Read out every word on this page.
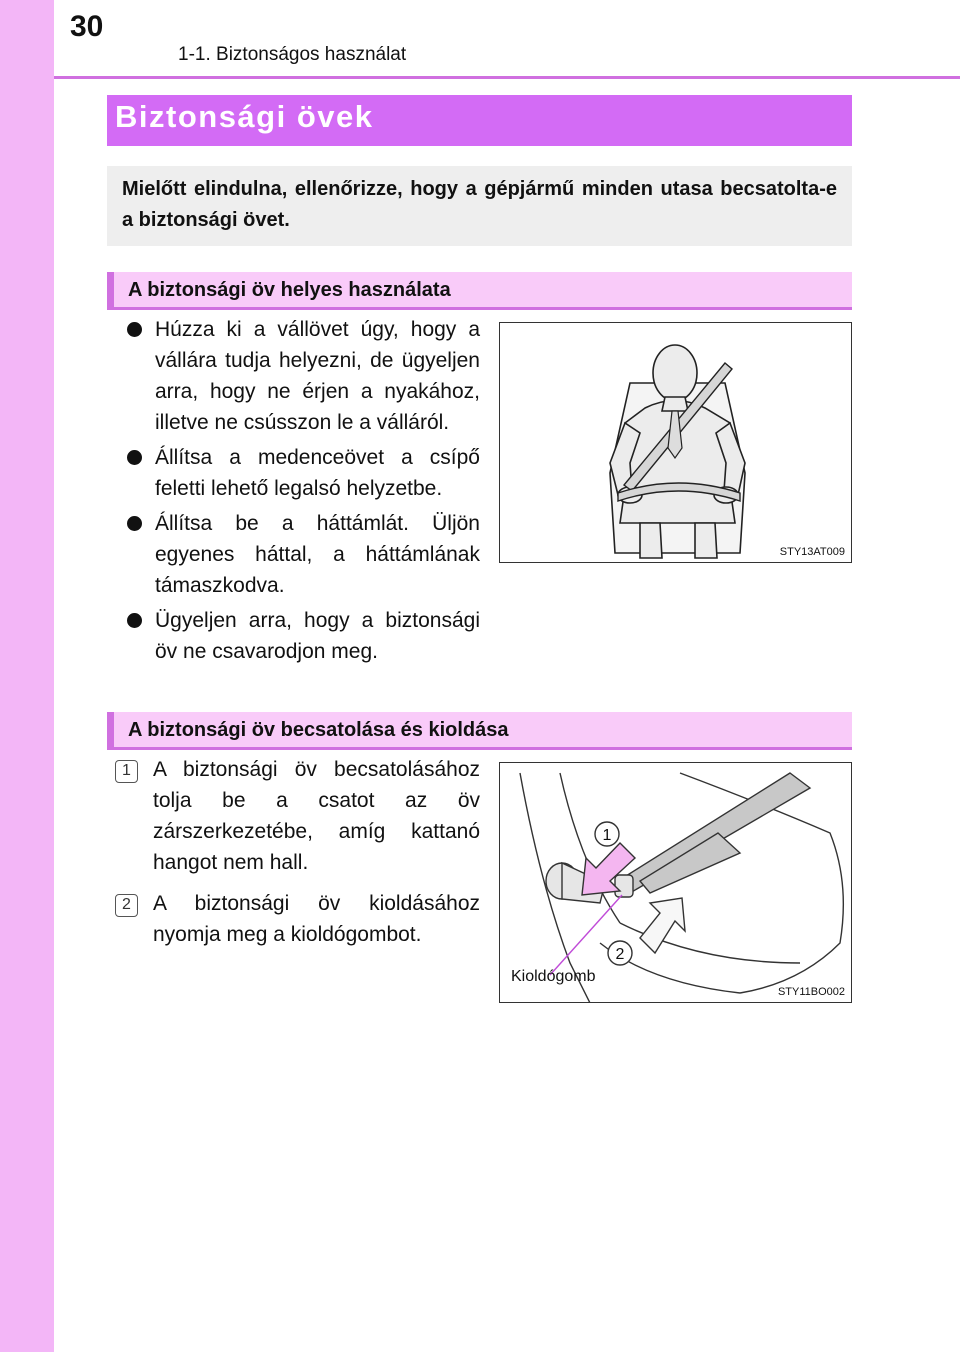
30
1-1. Biztonságos használat
Biztonsági övek

Mielőtt elindulna, ellenőrizze, hogy a gépjármű minden utasa becsatolta-e a biztonsági övet.

A biztonsági öv helyes használata
Húzza ki a vállövet úgy, hogy a vállára tudja helyezni, de ügyeljen arra, hogy ne érjen a nyakához, illetve ne csússzon le a válláról.
Állítsa a medenceövet a csípő feletti lehető legalsó helyzetbe.
Állítsa be a háttámlát. Üljön egyenes háttal, a háttámlának támaszkodva.
Ügyeljen arra, hogy a biztonsági öv ne csavarodjon meg.
STY13AT009
A biztonsági öv becsatolása és kioldása
1	A biztonsági öv becsatolásához tolja be a csatot az öv zárszerkezetébe, amíg kattanó hangot nem hall.
2	A biztonsági öv kioldásához nyomja meg a kioldógombot.
1
2
Kioldógomb
STY11BO002
